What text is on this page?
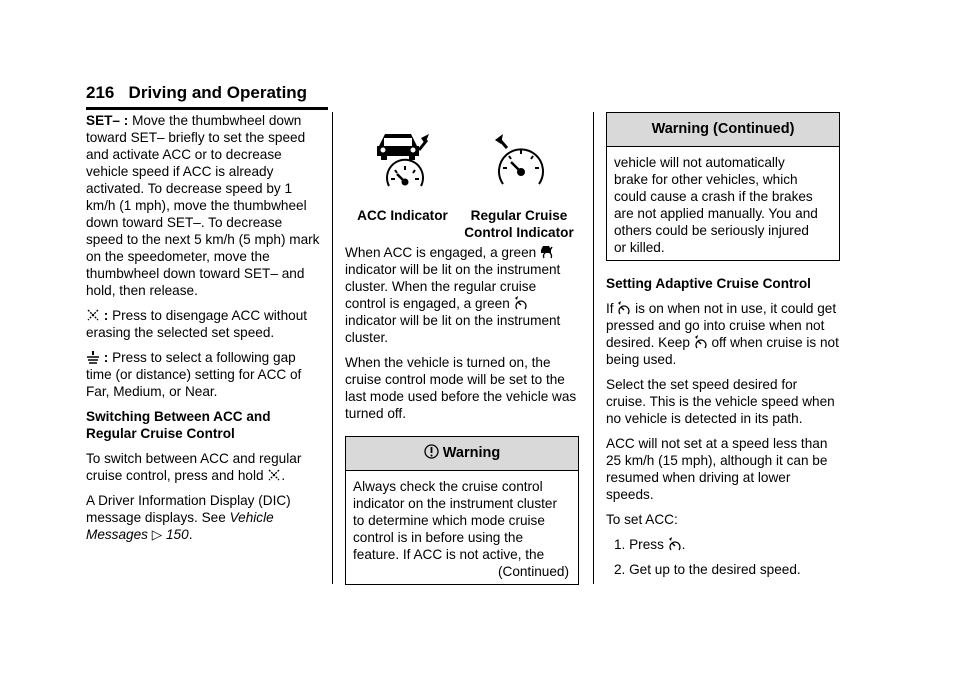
216 Driving and Operating

SET– : Move the thumbwheel down toward SET– briefly to set the speed and activate ACC or to decrease vehicle speed if ACC is already activated. To decrease speed by 1 km/h (1 mph), move the thumbwheel down toward SET–. To decrease speed to the next 5 km/h (5 mph) mark on the speedometer, move the thumbwheel down toward SET– and hold, then release.

: Press to disengage ACC without erasing the selected set speed.

: Press to select a following gap time (or distance) setting for ACC of Far, Medium, or Near.

Switching Between ACC and Regular Cruise Control

To switch between ACC and regular cruise control, press and hold
.

A Driver Information Display (DIC) message displays. See Vehicle Messages ▷ 150.

ACC Indicator	Regular Cruise Control Indicator

When ACC is engaged, a green
indicator will be lit on the instrument cluster. When the regular cruise control is engaged, a green
indicator will be lit on the instrument cluster.

When the vehicle is turned on, the cruise control mode will be set to the last mode used before the vehicle was turned off.

Warning
Always check the cruise control
indicator on the instrument cluster
to determine which mode cruise
control is in before using the
feature. If ACC is not active, the
(Continued)
Warning (Continued)
vehicle will not automatically
brake for other vehicles, which
could cause a crash if the brakes
are not applied manually. You and
others could be seriously injured
or killed.
Setting Adaptive Cruise Control

If
is on when not in use, it could get pressed and go into cruise when not desired. Keep
off when cruise is not being used.

Select the set speed desired for cruise. This is the vehicle speed when no vehicle is detected in its path.

ACC will not set at a speed less than 25 km/h (15 mph), although it can be resumed when driving at lower speeds.

To set ACC:

1. Press
.

2. Get up to the desired speed.
